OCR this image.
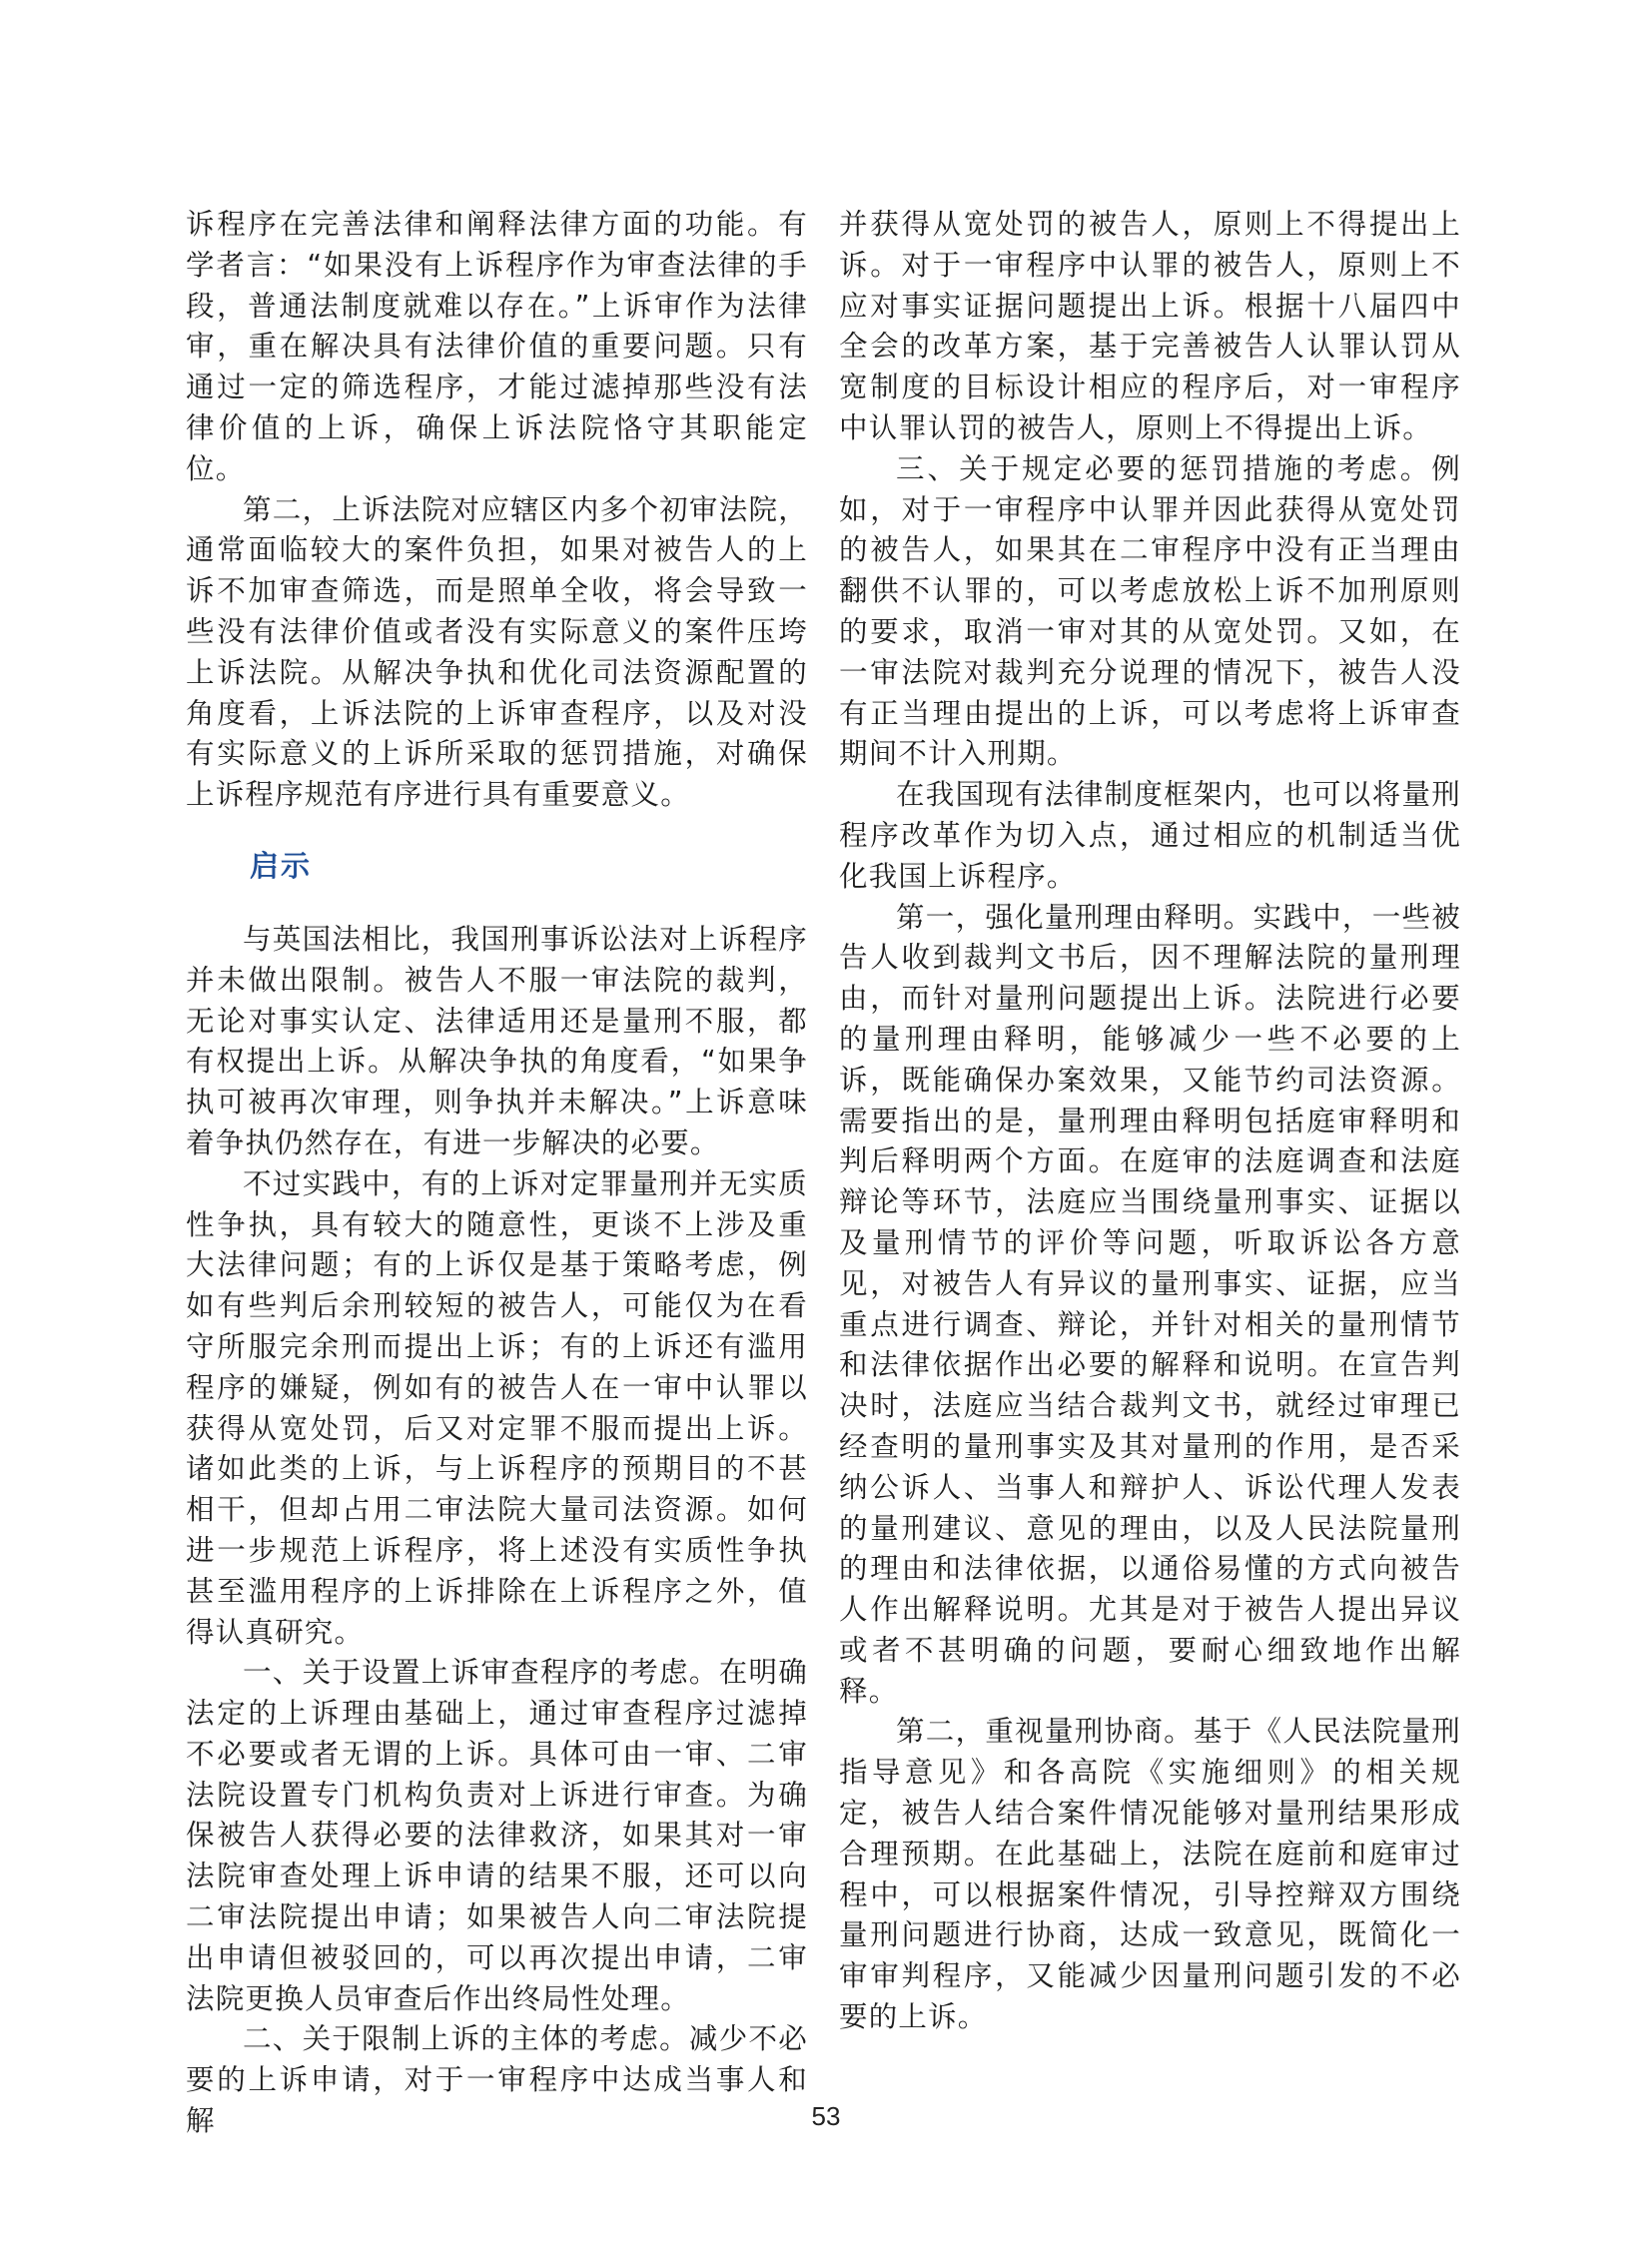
诉程序在完善法律和阐释法律方面的功能。有学者言：“如果没有上诉程序作为审查法律的手段，普通法制度就难以存在。”上诉审作为法律审，重在解决具有法律价值的重要问题。只有通过一定的筛选程序，才能过滤掉那些没有法律价值的上诉，确保上诉法院恪守其职能定位。

第二，上诉法院对应辖区内多个初审法院，通常面临较大的案件负担，如果对被告人的上诉不加审查筛选，而是照单全收，将会导致一些没有法律价值或者没有实际意义的案件压垮上诉法院。从解决争执和优化司法资源配置的角度看，上诉法院的上诉审查程序，以及对没有实际意义的上诉所采取的惩罚措施，对确保上诉程序规范有序进行具有重要意义。

启示

与英国法相比，我国刑事诉讼法对上诉程序并未做出限制。被告人不服一审法院的裁判，无论对事实认定、法律适用还是量刑不服，都有权提出上诉。从解决争执的角度看，“如果争执可被再次审理，则争执并未解决。”上诉意味着争执仍然存在，有进一步解决的必要。

不过实践中，有的上诉对定罪量刑并无实质性争执，具有较大的随意性，更谈不上涉及重大法律问题；有的上诉仅是基于策略考虑，例如有些判后余刑较短的被告人，可能仅为在看守所服完余刑而提出上诉；有的上诉还有滥用程序的嫌疑，例如有的被告人在一审中认罪以获得从宽处罚，后又对定罪不服而提出上诉。诸如此类的上诉，与上诉程序的预期目的不甚相干，但却占用二审法院大量司法资源。如何进一步规范上诉程序，将上述没有实质性争执甚至滥用程序的上诉排除在上诉程序之外，值得认真研究。

一、关于设置上诉审查程序的考虑。在明确法定的上诉理由基础上，通过审查程序过滤掉不必要或者无谓的上诉。具体可由一审、二审法院设置专门机构负责对上诉进行审查。为确保被告人获得必要的法律救济，如果其对一审法院审查处理上诉申请的结果不服，还可以向二审法院提出申请；如果被告人向二审法院提出申请但被驳回的，可以再次提出申请，二审法院更换人员审查后作出终局性处理。

二、关于限制上诉的主体的考虑。减少不必要的上诉申请，对于一审程序中达成当事人和解

并获得从宽处罚的被告人，原则上不得提出上诉。对于一审程序中认罪的被告人，原则上不应对事实证据问题提出上诉。根据十八届四中全会的改革方案，基于完善被告人认罪认罚从宽制度的目标设计相应的程序后，对一审程序中认罪认罚的被告人，原则上不得提出上诉。

三、关于规定必要的惩罚措施的考虑。例如，对于一审程序中认罪并因此获得从宽处罚的被告人，如果其在二审程序中没有正当理由翻供不认罪的，可以考虑放松上诉不加刑原则的要求，取消一审对其的从宽处罚。又如，在一审法院对裁判充分说理的情况下，被告人没有正当理由提出的上诉，可以考虑将上诉审查期间不计入刑期。

在我国现有法律制度框架内，也可以将量刑程序改革作为切入点，通过相应的机制适当优化我国上诉程序。

第一，强化量刑理由释明。实践中，一些被告人收到裁判文书后，因不理解法院的量刑理由，而针对量刑问题提出上诉。法院进行必要的量刑理由释明，能够减少一些不必要的上诉，既能确保办案效果，又能节约司法资源。需要指出的是，量刑理由释明包括庭审释明和判后释明两个方面。在庭审的法庭调查和法庭辩论等环节，法庭应当围绕量刑事实、证据以及量刑情节的评价等问题，听取诉讼各方意见，对被告人有异议的量刑事实、证据，应当重点进行调查、辩论，并针对相关的量刑情节和法律依据作出必要的解释和说明。在宣告判决时，法庭应当结合裁判文书，就经过审理已经查明的量刑事实及其对量刑的作用，是否采纳公诉人、当事人和辩护人、诉讼代理人发表的量刑建议、意见的理由，以及人民法院量刑的理由和法律依据，以通俗易懂的方式向被告人作出解释说明。尤其是对于被告人提出异议或者不甚明确的问题，要耐心细致地作出解释。

第二，重视量刑协商。基于《人民法院量刑指导意见》和各高院《实施细则》的相关规定，被告人结合案件情况能够对量刑结果形成合理预期。在此基础上，法院在庭前和庭审过程中，可以根据案件情况，引导控辩双方围绕量刑问题进行协商，达成一致意见，既简化一审审判程序，又能减少因量刑问题引发的不必要的上诉。

53
